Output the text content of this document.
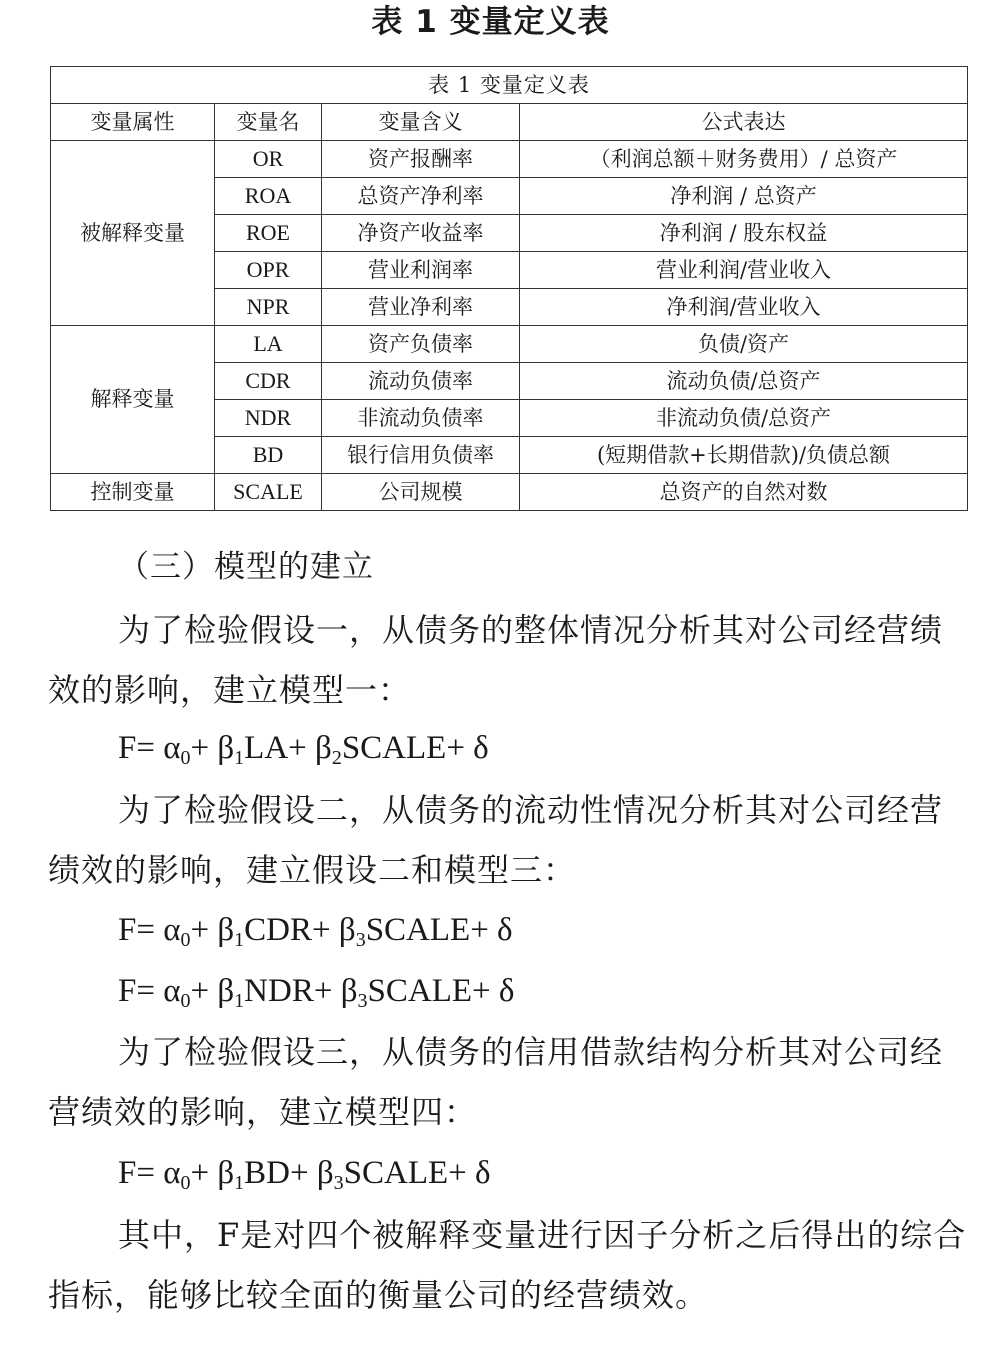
表 1 变量定义表
表 1 变量定义表			
变量属性	变量名	变量含义	公式表达
被解释变量	OR	资产报酬率	（利润总额＋财务费用）/ 总资产
	ROA	总资产净利率	净利润 / 总资产
	ROE	净资产收益率	净利润 / 股东权益
	OPR	营业利润率	营业利润/营业收入
	NPR	营业净利率	净利润/营业收入
解释变量	LA	资产负债率	负债/资产
	CDR	流动负债率	流动负债/总资产
	NDR	非流动负债率	非流动负债/总资产
	BD	银行信用负债率	(短期借款+长期借款)/负债总额
控制变量	SCALE	公司规模	总资产的自然对数
（三）模型的建立
为了检验假设一，从债务的整体情况分析其对公司经营绩效的影响，建立模型一：
$F= \alpha_0+ \beta_1LA+$ $\beta_2SCALE+ \delta$
为了检验假设二，从债务的流动性情况分析其对公司经营绩效的影响，建立假设二和模型三：
$F= \alpha_0+ \beta_1CDR+$ $\beta_3SCALE+ \delta$
$F= \alpha_0+ \beta_1NDR+$ $\beta_3SCALE+ \delta$
为了检验假设三，从债务的信用借款结构分析其对公司经营绩效的影响，建立模型四：
$F= \alpha_0+ \beta_1BD+$ $\beta_3SCALE+ \delta$
其中，F是对四个被解释变量进行因子分析之后得出的综合指标，能够比较全面的衡量公司的经营绩效。
